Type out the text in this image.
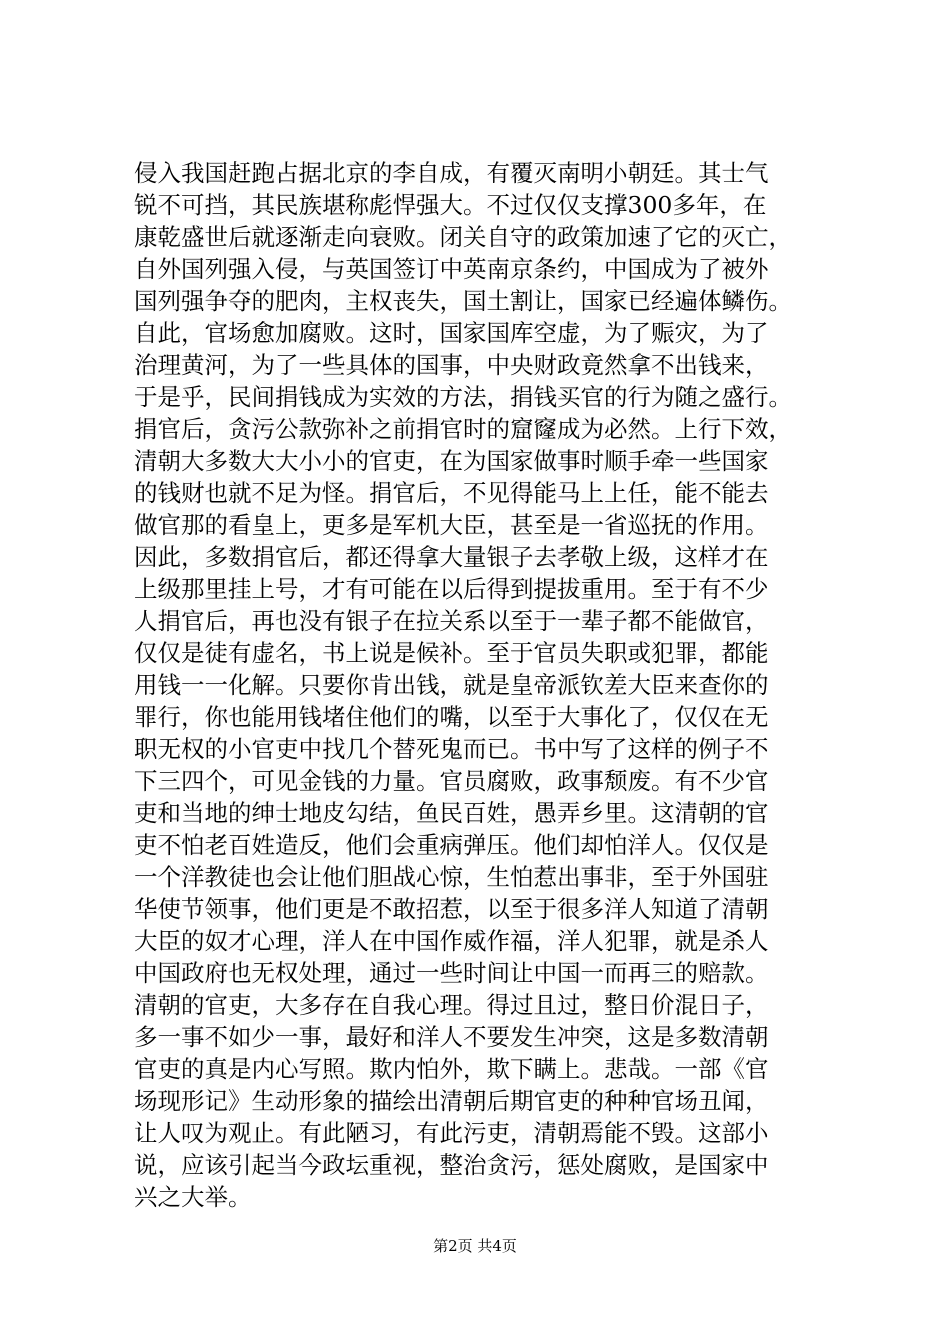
侵入我国赶跑占据北京的李自成，有覆灭南明小朝廷。其士气
锐不可挡，其民族堪称彪悍强大。不过仅仅支撑300多年，在
康乾盛世后就逐渐走向衰败。闭关自守的政策加速了它的灭亡，
自外国列强入侵，与英国签订中英南京条约，中国成为了被外
国列强争夺的肥肉，主权丧失，国土割让，国家已经遍体鳞伤。
自此，官场愈加腐败。这时，国家国库空虚，为了赈灾，为了
治理黄河，为了一些具体的国事，中央财政竟然拿不出钱来，
于是乎，民间捐钱成为实效的方法，捐钱买官的行为随之盛行。
捐官后，贪污公款弥补之前捐官时的窟窿成为必然。上行下效，
清朝大多数大大小小的官吏，在为国家做事时顺手牵一些国家
的钱财也就不足为怪。捐官后，不见得能马上上任，能不能去
做官那的看皇上，更多是军机大臣，甚至是一省巡抚的作用。
因此，多数捐官后，都还得拿大量银子去孝敬上级，这样才在
上级那里挂上号，才有可能在以后得到提拔重用。至于有不少
人捐官后，再也没有银子在拉关系以至于一辈子都不能做官，
仅仅是徒有虚名，书上说是候补。至于官员失职或犯罪，都能
用钱一一化解。只要你肯出钱，就是皇帝派钦差大臣来查你的
罪行，你也能用钱堵住他们的嘴，以至于大事化了，仅仅在无
职无权的小官吏中找几个替死鬼而已。书中写了这样的例子不
下三四个，可见金钱的力量。官员腐败，政事颓废。有不少官
吏和当地的绅士地皮勾结，鱼民百姓，愚弄乡里。这清朝的官
吏不怕老百姓造反，他们会重病弹压。他们却怕洋人。仅仅是
一个洋教徒也会让他们胆战心惊，生怕惹出事非，至于外国驻
华使节领事，他们更是不敢招惹，以至于很多洋人知道了清朝
大臣的奴才心理，洋人在中国作威作福，洋人犯罪，就是杀人
中国政府也无权处理，通过一些时间让中国一而再三的赔款。
清朝的官吏，大多存在自我心理。得过且过，整日价混日子，
多一事不如少一事，最好和洋人不要发生冲突，这是多数清朝
官吏的真是内心写照。欺内怕外，欺下瞒上。悲哉。一部《官
场现形记》生动形象的描绘出清朝后期官吏的种种官场丑闻，
让人叹为观止。有此陋习，有此污吏，清朝焉能不毁。这部小
说，应该引起当今政坛重视，整治贪污，惩处腐败，是国家中
兴之大举。
第2页 共4页
